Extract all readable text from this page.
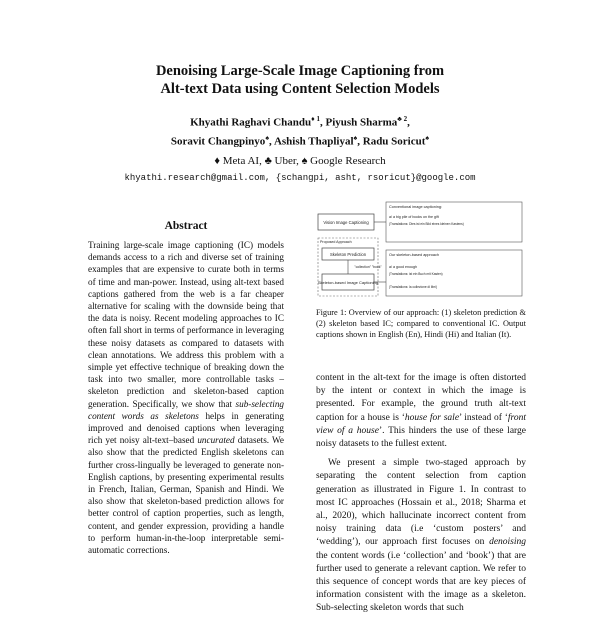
Denoising Large-Scale Image Captioning from
Alt-text Data using Content Selection Models
Khyathi Raghavi Chandu$^{♦ 1}$, Piyush Sharma$^{♣ 2}$,
Soravit Changpinyo♠, Ashish Thapliyal♠, Radu Soricut♠
♦ Meta AI, ♣ Uber, ♠ Google Research
khyathi.research@gmail.com, {schangpi, asht, rsoricut}@google.com
Abstract
Training large-scale image captioning (IC) models demands access to a rich and diverse set of training examples that are expensive to curate both in terms of time and man-power. Instead, using alt-text based captions gathered from the web is a far cheaper alternative for scaling with the downside being that the data is noisy. Recent modeling approaches to IC often fall short in terms of performance in leveraging these noisy datasets as compared to datasets with clean annotations. We address this problem with a simple yet effective technique of breaking down the task into two smaller, more controllable tasks – skeleton prediction and skeleton-based caption generation. Specifically, we show that sub-selecting content words as skeletons helps in generating improved and denoised captions when leveraging rich yet noisy alt-text–based uncurated datasets. We also show that the predicted English skeletons can further cross-lingually be leveraged to generate non-English captions, by presenting experimental results in French, Italian, German, Spanish and Hindi. We also show that skeleton-based prediction allows for better control of caption properties, such as length, content, and gender expression, providing a handle to perform human-in-the-loop interpretable semi-automatic corrections.
Vision Image Captioning
Proposed Approach
Skeleton Prediction
"collection" "book"
Skeleton-based Image Captioning
Conventional image captioning:
a/ a big pile of books on the gift
(Translations: Dies ist ein Bild eines kleinen Kastens)
Our skeleton-based approach
a/ a good enough
(Translations: ist ein Buch mit Kasten)
(Translations: la collezione di libri)
Figure 1: Overview of our approach: (1) skeleton prediction & (2) skeleton based IC; compared to conventional IC. Output captions shown in English (En), Hindi (Hi) and Italian (It).

content in the alt-text for the image is often distorted by the intent or context in which the image is presented. For example, the ground truth alt-text caption for a house is ‘house for sale’ instead of ‘front view of a house’. This hinders the use of these large noisy datasets to the fullest extent.

We present a simple two-staged approach by separating the content selection from caption generation as illustrated in Figure 1. In contrast to most IC approaches (Hossain et al., 2018; Sharma et al., 2020), which hallucinate incorrect content from noisy training data (i.e ‘custom posters’ and ‘wedding’), our approach first focuses on denoising the content words (i.e ‘collection’ and ‘book’) that are further used to generate a relevant caption. We refer to this sequence of concept words that are key pieces of information consistent with the image as a skeleton. Sub-selecting skeleton words that such
